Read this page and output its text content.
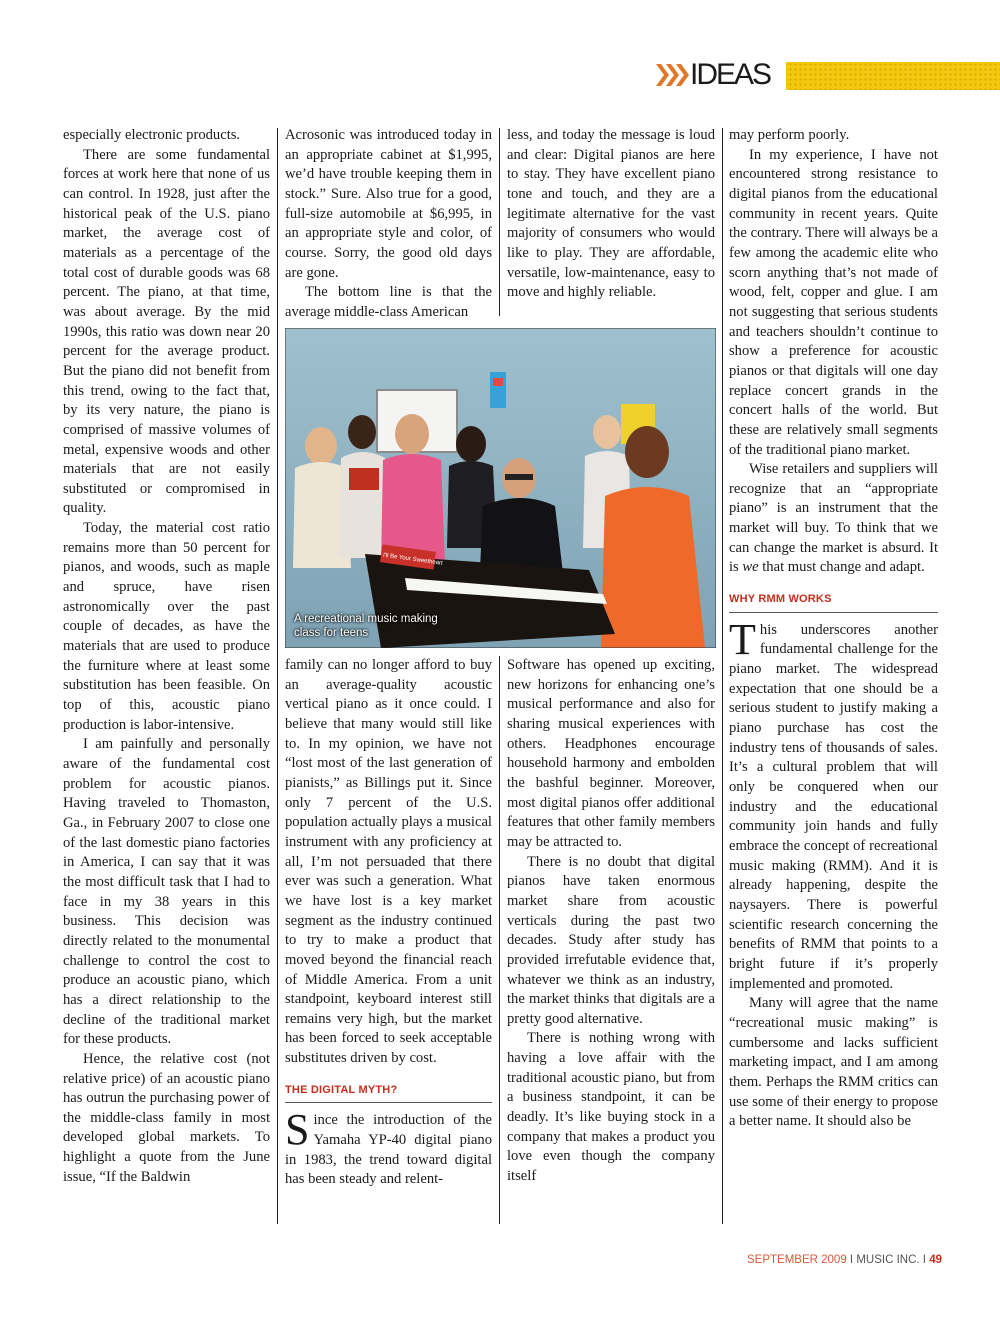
IDEAS

especially electronic products.

There are some fundamental forces at work here that none of us can control. In 1928, just after the historical peak of the U.S. piano market, the average cost of materials as a percentage of the total cost of durable goods was 68 percent. The piano, at that time, was about average. By the mid 1990s, this ratio was down near 20 percent for the average product. But the piano did not benefit from this trend, owing to the fact that, by its very nature, the piano is comprised of massive volumes of metal, expensive woods and other materials that are not easily substituted or compromised in quality.

Today, the material cost ratio remains more than 50 percent for pianos, and woods, such as maple and spruce, have risen astronomically over the past couple of decades, as have the materials that are used to produce the furniture where at least some substitution has been feasible. On top of this, acoustic piano production is labor-intensive.

I am painfully and personally aware of the fundamental cost problem for acoustic pianos. Having traveled to Thomaston, Ga., in February 2007 to close one of the last domestic piano factories in America, I can say that it was the most difficult task that I had to face in my 38 years in this business. This decision was directly related to the monumental challenge to control the cost to produce an acoustic piano, which has a direct relationship to the decline of the traditional market for these products.

Hence, the relative cost (not relative price) of an acoustic piano has outrun the purchasing power of the middle-class family in most developed global markets. To highlight a quote from the June issue, “If the Baldwin

Acrosonic was introduced today in an appropriate cabinet at $1,995, we’d have trouble keeping them in stock.” Sure. Also true for a good, full-size automobile at $6,995, in an appropriate style and color, of course. Sorry, the good old days are gone.

The bottom line is that the average middle-class American

less, and today the message is loud and clear: Digital pianos are here to stay. They have excellent piano tone and touch, and they are a legitimate alternative for the vast majority of consumers who would like to play. They are affordable, versatile, low-maintenance, easy to move and highly reliable.

I'll Be Your Sweetheart
A recreational music making class for teens

family can no longer afford to buy an average-quality acoustic vertical piano as it once could. I believe that many would still like to. In my opinion, we have not “lost most of the last generation of pianists,” as Billings put it. Since only 7 percent of the U.S. population actually plays a musical instrument with any proficiency at all, I’m not persuaded that there ever was such a generation. What we have lost is a key market segment as the industry continued to try to make a product that moved beyond the financial reach of Middle America. From a unit standpoint, keyboard interest still remains very high, but the market has been forced to seek acceptable substitutes driven by cost.

THE DIGITAL MYTH?

Since the introduction of the Yamaha YP-40 digital piano in 1983, the trend toward digital has been steady and relent-

Software has opened up exciting, new horizons for enhancing one’s musical performance and also for sharing musical experiences with others. Headphones encourage household harmony and embolden the bashful beginner. Moreover, most digital pianos offer additional features that other family members may be attracted to.

There is no doubt that digital pianos have taken enormous market share from acoustic verticals during the past two decades. Study after study has provided irrefutable evidence that, whatever we think as an industry, the market thinks that digitals are a pretty good alternative.

There is nothing wrong with having a love affair with the traditional acoustic piano, but from a business standpoint, it can be deadly. It’s like buying stock in a company that makes a product you love even though the company itself

may perform poorly.

In my experience, I have not encountered strong resistance to digital pianos from the educational community in recent years. Quite the contrary. There will always be a few among the academic elite who scorn anything that’s not made of wood, felt, copper and glue. I am not suggesting that serious students and teachers shouldn’t continue to show a preference for acoustic pianos or that digitals will one day replace concert grands in the concert halls of the world. But these are relatively small segments of the traditional piano market.

Wise retailers and suppliers will recognize that an “appropriate piano” is an instrument that the market will buy. To think that we can change the market is absurd. It is we that must change and adapt.

WHY RMM WORKS

This underscores another fundamental challenge for the piano market. The widespread expectation that one should be a serious student to justify making a piano purchase has cost the industry tens of thousands of sales. It’s a cultural problem that will only be conquered when our industry and the educational community join hands and fully embrace the concept of recreational music making (RMM). And it is already happening, despite the naysayers. There is powerful scientific research concerning the benefits of RMM that points to a bright future if it’s properly implemented and promoted.

Many will agree that the name “recreational music making” is cumbersome and lacks sufficient marketing impact, and I am among them. Perhaps the RMM critics can use some of their energy to propose a better name. It should also be

SEPTEMBER 2009 I MUSIC INC. I 49
